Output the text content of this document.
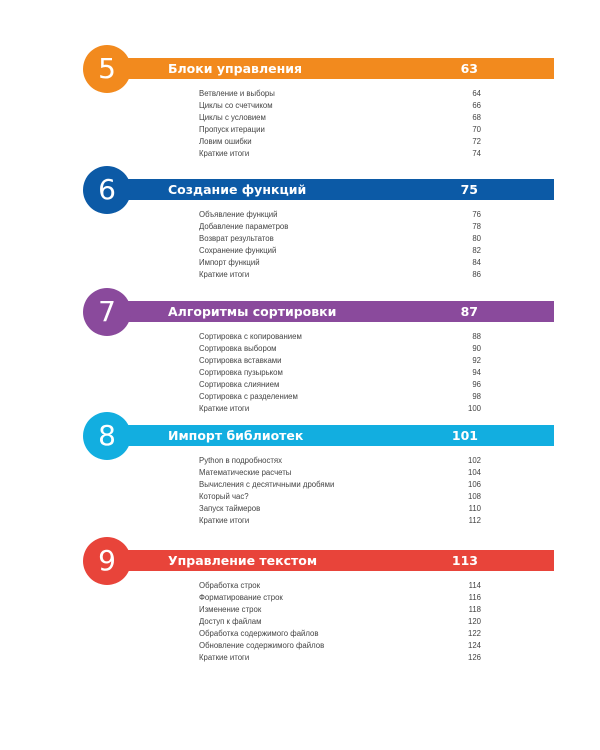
5	Блоки управления	63
Ветвление и выборы	64
Циклы со счетчиком	66
Циклы с условием	68
Пропуск итерации	70
Ловим ошибки	72
Краткие итоги	74
6	Создание функций	75
Объявление функций	76
Добавление параметров	78
Возврат результатов	80
Сохранение функций	82
Импорт функций	84
Краткие итоги	86
7	Алгоритмы сортировки	87
Сортировка с копированием	88
Сортировка выбором	90
Сортировка вставками	92
Сортировка пузырьком	94
Сортировка слиянием	96
Сортировка с разделением	98
Краткие итоги	100
8	Импорт библиотек	101
Python в подробностях	102
Математические расчеты	104
Вычисления с десятичными дробями	106
Который час?	108
Запуск таймеров	110
Краткие итоги	112
9	Управление текстом	113
Обработка строк	114
Форматирование строк	116
Изменение строк	118
Доступ к файлам	120
Обработка содержимого файлов	122
Обновление содержимого файлов	124
Краткие итоги	126
